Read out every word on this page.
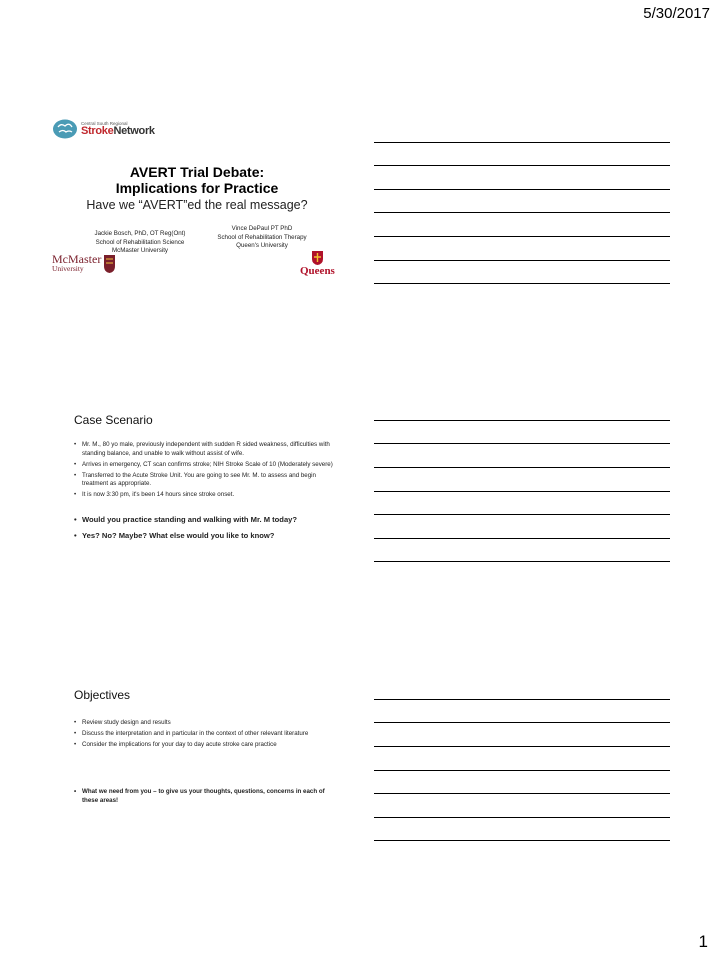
5/30/2017
Central South Regional
StrokeNetwork
AVERT Trial Debate:
Implications for Practice
Have we “AVERT”ed the real message?
Jackie Bosch, PhD, OT Reg(Ont)
School of Rehabilitation Science
McMaster University
Vince DePaul PT PhD
School of Rehabilitation Therapy
Queen's University
McMaster
University	Queens
Case Scenario
• Mr. M., 80 yo male, previously independent with sudden R sided weakness, difficulties with standing balance, and unable to walk without assist of wife.
• Arrives in emergency, CT scan confirms stroke; NIH Stroke Scale of 10 (Moderately severe)
• Transferred to the Acute Stroke Unit. You are going to see Mr. M. to assess and begin treatment as appropriate.
• It is now 3:30 pm, it's been 14 hours since stroke onset.
• Would you practice standing and walking with Mr. M today?
• Yes? No? Maybe? What else would you like to know?
Objectives
• Review study design and results
• Discuss the interpretation and in particular in the context of other relevant literature
• Consider the implications for your day to day acute stroke care practice
• What we need from you – to give us your thoughts, questions, concerns in each of these areas!
1
